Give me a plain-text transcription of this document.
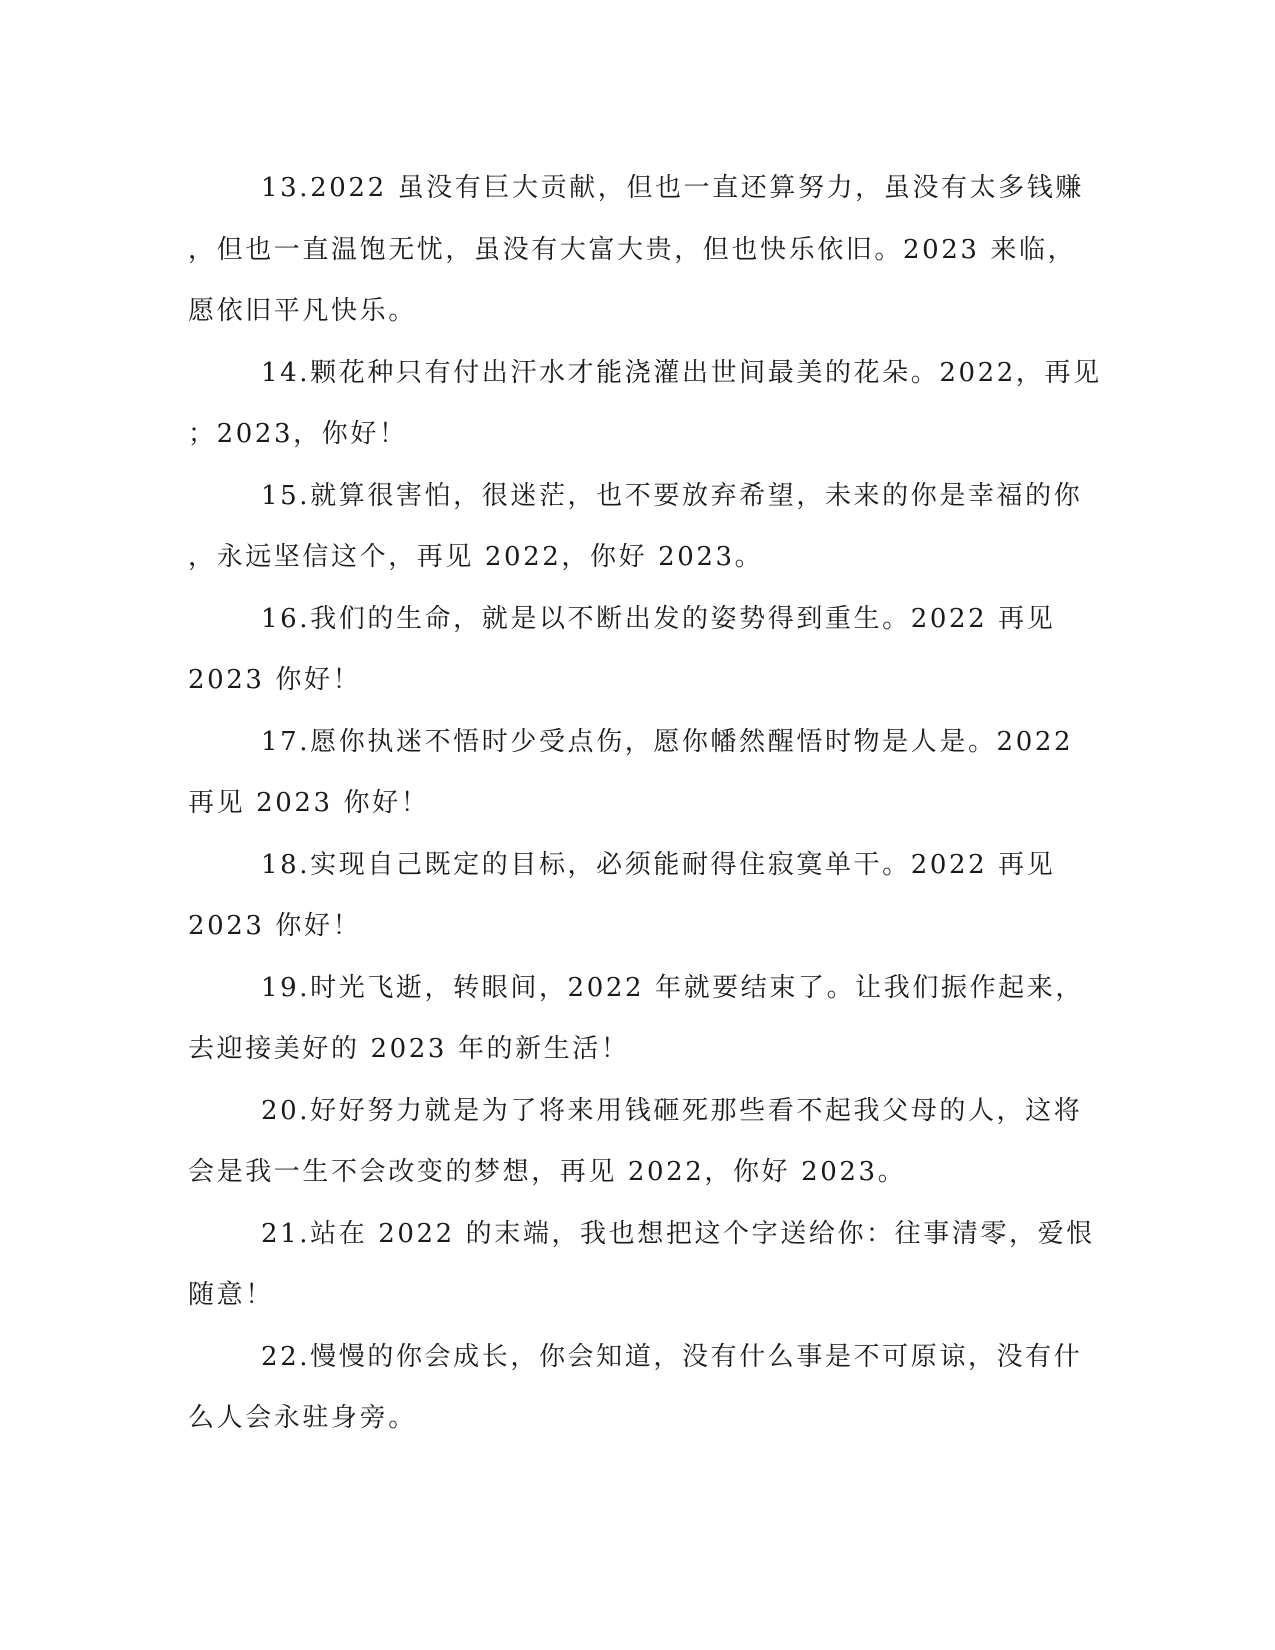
13.2022 虽没有巨大贡献，但也一直还算努力，虽没有太多钱赚
，但也一直温饱无忧，虽没有大富大贵，但也快乐依旧。2023 来临，
愿依旧平凡快乐。
14.颗花种只有付出汗水才能浇灌出世间最美的花朵。2022，再见
；2023，你好！
15.就算很害怕，很迷茫，也不要放弃希望，未来的你是幸福的你
，永远坚信这个，再见 2022，你好 2023。
16.我们的生命，就是以不断出发的姿势得到重生。2022 再见
2023 你好！
17.愿你执迷不悟时少受点伤，愿你幡然醒悟时物是人是。2022
再见 2023 你好！
18.实现自己既定的目标，必须能耐得住寂寞单干。2022 再见
2023 你好！
19.时光飞逝，转眼间，2022 年就要结束了。让我们振作起来，
去迎接美好的 2023 年的新生活！
20.好好努力就是为了将来用钱砸死那些看不起我父母的人，这将
会是我一生不会改变的梦想，再见 2022，你好 2023。
21.站在 2022 的末端，我也想把这个字送给你：往事清零，爱恨
随意！
22.慢慢的你会成长，你会知道，没有什么事是不可原谅，没有什
么人会永驻身旁。
